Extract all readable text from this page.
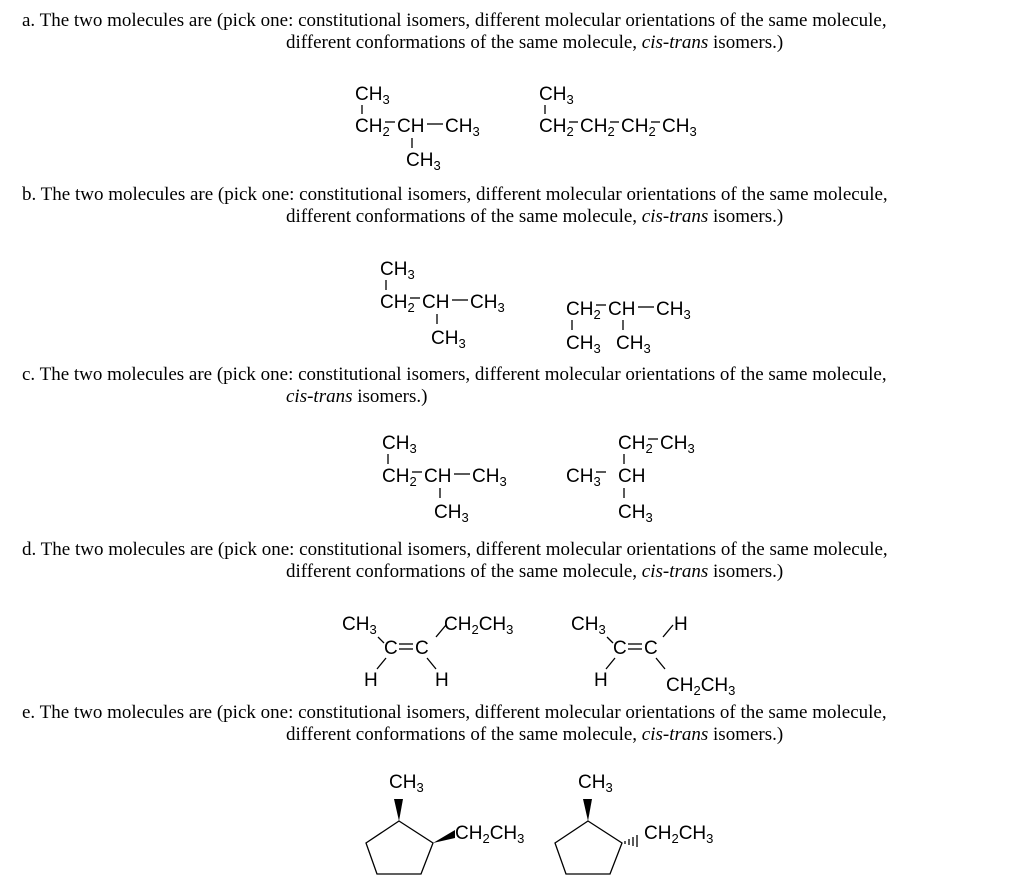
a. The two molecules are (pick one: constitutional isomers, different molecular orientations of the same molecule,
different conformations of the same molecule, cis-trans isomers.)
b. The two molecules are (pick one: constitutional isomers, different molecular orientations of the same molecule,
different conformations of the same molecule, cis-trans isomers.)
c. The two molecules are (pick one: constitutional isomers, different molecular orientations of the same molecule,
cis-trans isomers.)
d. The two molecules are (pick one: constitutional isomers, different molecular orientations of the same molecule,
different conformations of the same molecule, cis-trans isomers.)
e. The two molecules are (pick one: constitutional isomers, different molecular orientations of the same molecule,
different conformations of the same molecule, cis-trans isomers.)
$CH_3$
$CH_2$ CH $CH_3$
$CH_3$
$CH_3$
$CH_2$ $CH_2$ $CH_2$ $CH_3$
$CH_3$
$CH_2$ CH $CH_3$
$CH_3$
$CH_2$ CH $CH_3$
$CH_3$ $CH_3$
$CH_3$
$CH_2$ CH $CH_3$
$CH_3$
$CH_2$ $CH_3$
$CH_3$ CH
$CH_3$
$CH_3$	$CH_2CH_3$
C C
H	H
$CH_3$	H
C C
H	$CH_2CH_3$
$CH_3$
$CH_2CH_3$
$CH_3$
$CH_2CH_3$
